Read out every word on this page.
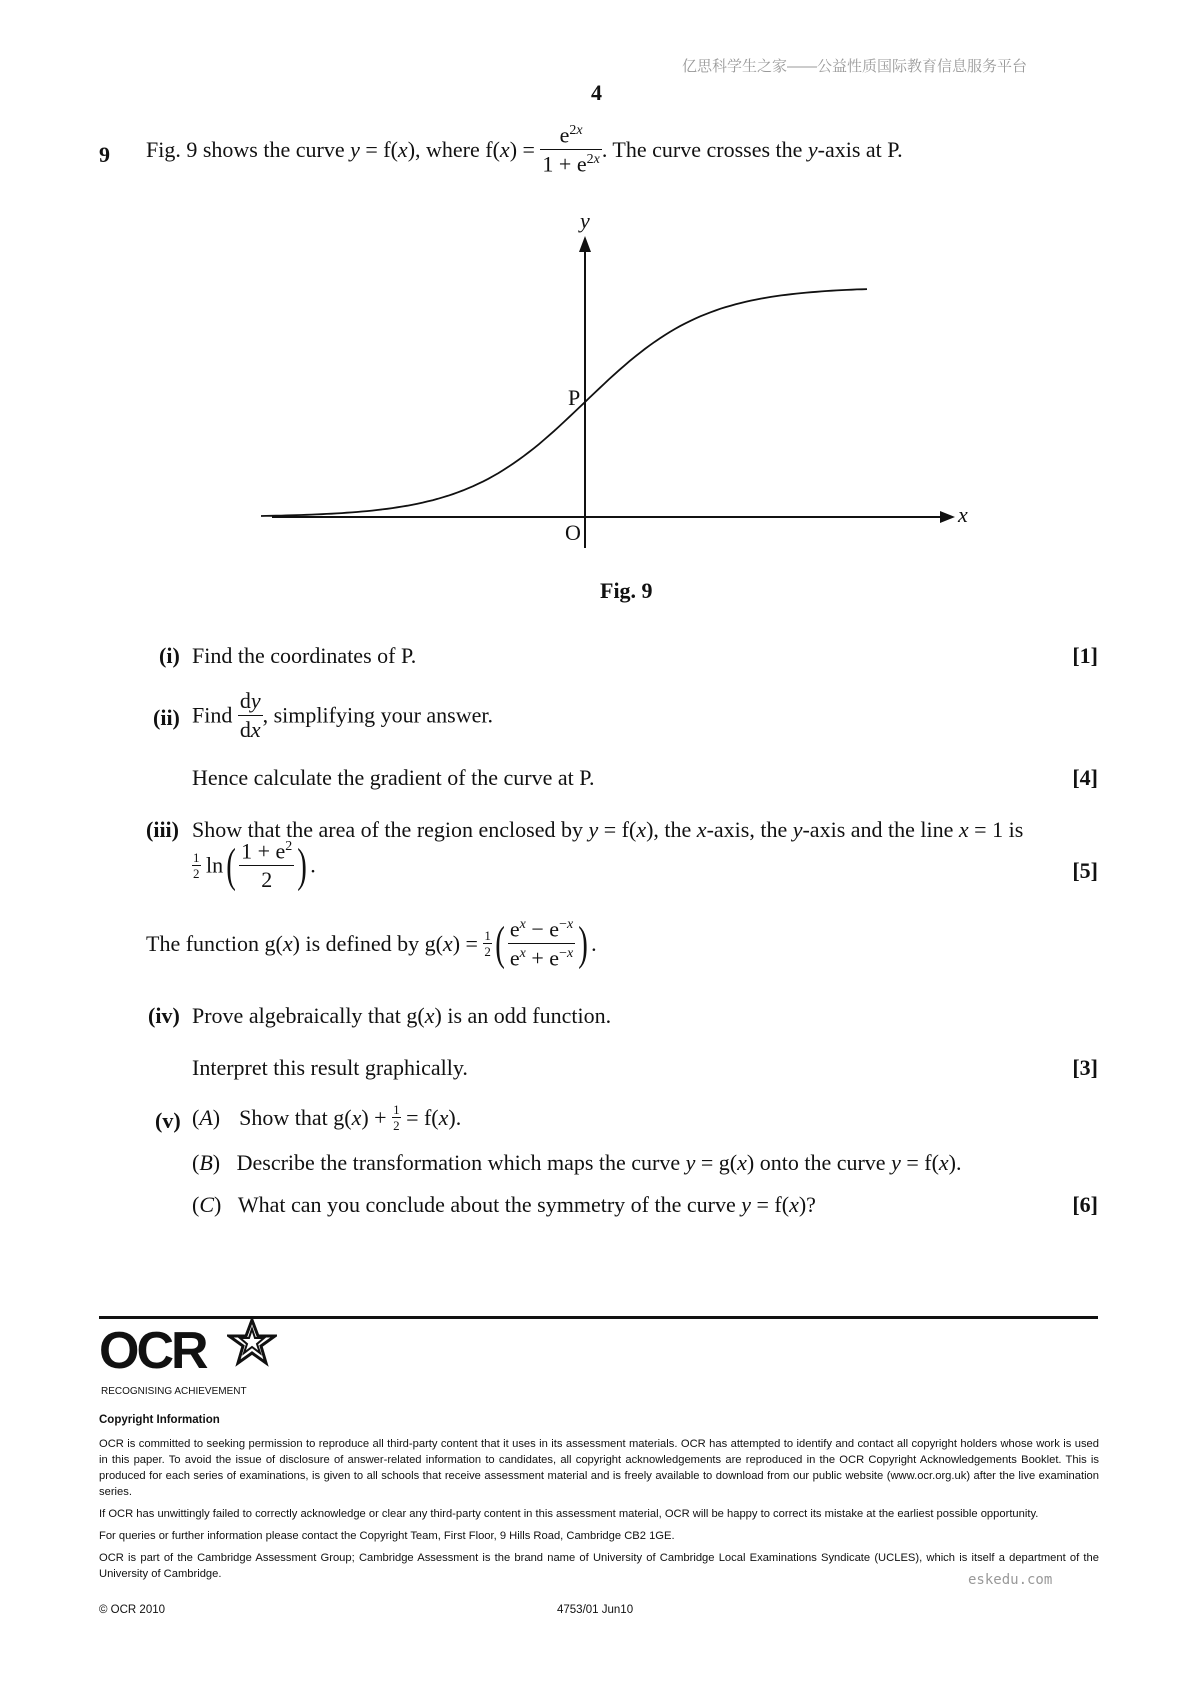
亿思科学生之家——公益性质国际教育信息服务平台
4
9 Fig. 9 shows the curve y = f(x), where $f(x) = \frac{e^{2x}}{1 + e^{2x}}$ . The curve crosses the y-axis at P.
y
x
P
O
Fig. 9
(i) Find the coordinates of P.	[1]
(ii) Find $\frac{dy}{dx}$ , simplifying your answer.
Hence calculate the gradient of the curve at P.	[4]
(iii) Show that the area of the region enclosed by y = f(x), the x-axis, the y-axis and the line x = 1 is
$\frac{1}{2} \ln( \frac{1 + e^2}{2}$ ) .	[5]
The function g(x) is defined by $g(x) = \frac{1}{2}$ ( $\frac{e^x - e^{-x}}{e^x + e^{-x}}$ ) .
(iv) Prove algebraically that g(x) is an odd function.
Interpret this result graphically.	[3]
(v) (A) Show that $g(x) + \frac{1}{2} = f(x)$.
(B)   Describe the transformation which maps the curve y = g(x) onto the curve y = f(x).
(C)   What can you conclude about the symmetry of the curve y = f(x)?	[6]
OCR
RECOGNISING ACHIEVEMENT
Copyright Information
OCR is committed to seeking permission to reproduce all third-party content that it uses in its assessment materials. OCR has attempted to identify and contact all copyright holders whose work is used in this paper. To avoid the issue of disclosure of answer-related information to candidates, all copyright acknowledgements are reproduced in the OCR Copyright Acknowledgements Booklet. This is produced for each series of examinations, is given to all schools that receive assessment material and is freely available to download from our public website (www.ocr.org.uk) after the live examination series.
If OCR has unwittingly failed to correctly acknowledge or clear any third-party content in this assessment material, OCR will be happy to correct its mistake at the earliest possible opportunity.
For queries or further information please contact the Copyright Team, First Floor, 9 Hills Road, Cambridge CB2 1GE.
OCR is part of the Cambridge Assessment Group; Cambridge Assessment is the brand name of University of Cambridge Local Examinations Syndicate (UCLES), which is itself a department of the University of Cambridge.	eskedu.com
© OCR 2010	4753/01 Jun10
